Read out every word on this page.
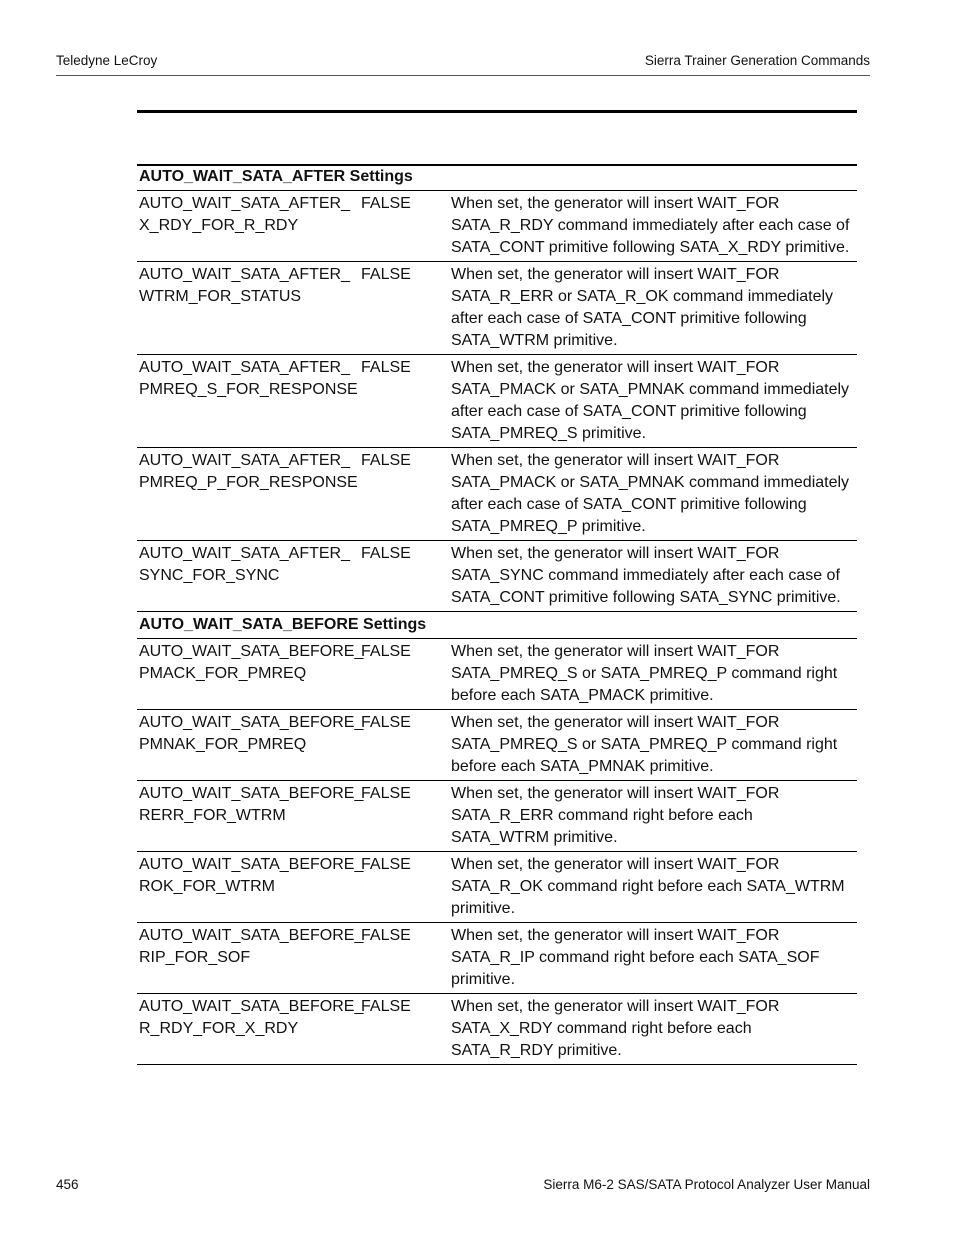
Teledyne LeCroy	Sierra Trainer Generation Commands
AUTO_WAIT_SATA_AFTER Settings
AUTO_WAIT_SATA_AFTER_
X_RDY_FOR_R_RDY
FALSE	When set, the generator will insert WAIT_FOR SATA_R_RDY command immediately after each case of SATA_CONT primitive following SATA_X_RDY primitive.
AUTO_WAIT_SATA_AFTER_
WTRM_FOR_STATUS
FALSE	When set, the generator will insert WAIT_FOR SATA_R_ERR or SATA_R_OK command immediately after each case of SATA_CONT primitive following SATA_WTRM primitive.
AUTO_WAIT_SATA_AFTER_
PMREQ_S_FOR_RESPONSE
FALSE	When set, the generator will insert WAIT_FOR SATA_PMACK or SATA_PMNAK command immediately after each case of SATA_CONT primitive following SATA_PMREQ_S primitive.
AUTO_WAIT_SATA_AFTER_
PMREQ_P_FOR_RESPONSE
FALSE	When set, the generator will insert WAIT_FOR SATA_PMACK or SATA_PMNAK command immediately after each case of SATA_CONT primitive following SATA_PMREQ_P primitive.
AUTO_WAIT_SATA_AFTER_
SYNC_FOR_SYNC
FALSE	When set, the generator will insert WAIT_FOR SATA_SYNC command immediately after each case of SATA_CONT primitive following SATA_SYNC primitive.
AUTO_WAIT_SATA_BEFORE Settings
AUTO_WAIT_SATA_BEFORE_
PMACK_FOR_PMREQ
FALSE	When set, the generator will insert WAIT_FOR SATA_PMREQ_S or SATA_PMREQ_P command right before each SATA_PMACK primitive.
AUTO_WAIT_SATA_BEFORE_
PMNAK_FOR_PMREQ
FALSE	When set, the generator will insert WAIT_FOR SATA_PMREQ_S or SATA_PMREQ_P command right before each SATA_PMNAK primitive.
AUTO_WAIT_SATA_BEFORE_
RERR_FOR_WTRM
FALSE	When set, the generator will insert WAIT_FOR SATA_R_ERR command right before each SATA_WTRM primitive.
AUTO_WAIT_SATA_BEFORE_
ROK_FOR_WTRM
FALSE	When set, the generator will insert WAIT_FOR SATA_R_OK command right before each SATA_WTRM primitive.
AUTO_WAIT_SATA_BEFORE_
RIP_FOR_SOF
FALSE	When set, the generator will insert WAIT_FOR SATA_R_IP command right before each SATA_SOF primitive.
AUTO_WAIT_SATA_BEFORE_
R_RDY_FOR_X_RDY
FALSE	When set, the generator will insert WAIT_FOR SATA_X_RDY command right before each SATA_R_RDY primitive.
456	Sierra M6-2 SAS/SATA Protocol Analyzer User Manual
